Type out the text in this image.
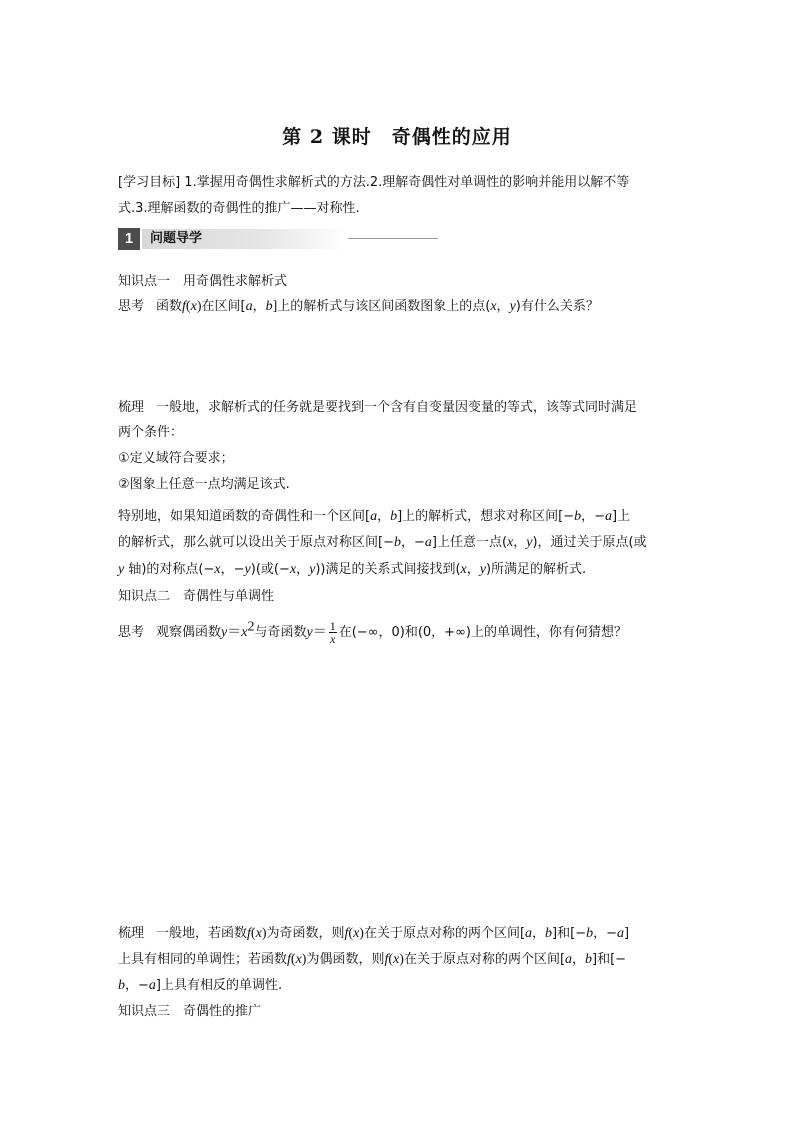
第 2 课时　奇偶性的应用
[学习目标] 1.掌握用奇偶性求解析式的方法.2.理解奇偶性对单调性的影响并能用以解不等
式.3.理解函数的奇偶性的推广——对称性.
1	问题导学
知识点一　用奇偶性求解析式
思考 函数f(x)在区间[a，b]上的解析式与该区间函数图象上的点(x，y)有什么关系？
梳理 一般地，求解析式的任务就是要找到一个含有自变量因变量的等式，该等式同时满足
两个条件：
①定义域符合要求；
②图象上任意一点均满足该式.
特别地，如果知道函数的奇偶性和一个区间[a，b]上的解析式，想求对称区间[−b，−a]上
的解析式，那么就可以设出关于原点对称区间[−b，−a]上任意一点(x，y)，通过关于原点(或
y 轴)的对称点(−x，−y)(或(−x，y))满足的关系式间接找到(x，y)所满足的解析式.
知识点二　奇偶性与单调性
思考 观察偶函数$y=x^2$与奇函数$y= \frac{1}{x}$ 在(−∞，0)和(0，+∞)上的单调性，你有何猜想？
梳理 一般地，若函数f(x)为奇函数，则f(x)在关于原点对称的两个区间[a，b]和[−b，−a]
上具有相同的单调性；若函数f(x)为偶函数，则f(x)在关于原点对称的两个区间[a，b]和[−
b，−a]上具有相反的单调性.
知识点三　奇偶性的推广
